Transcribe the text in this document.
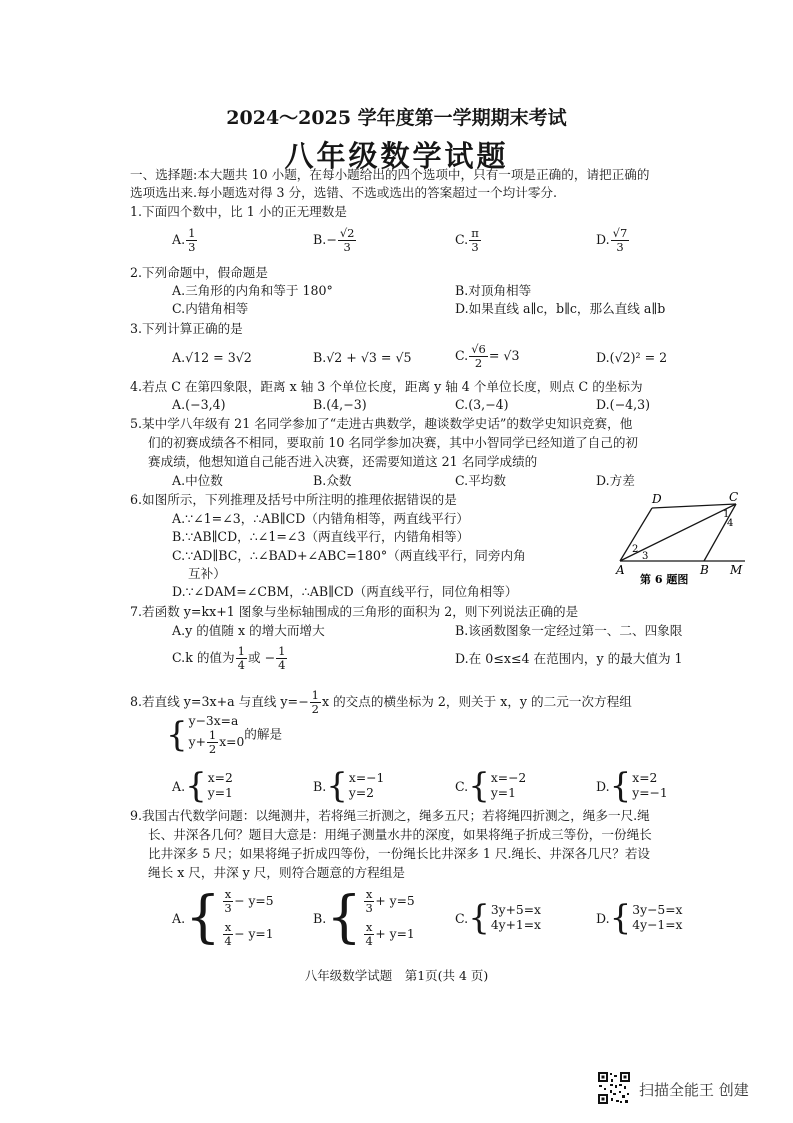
2024～2025 学年度第一学期期末考试
八年级数学试题
一、选择题:本大题共 10 小题，在每小题给出的四个选项中，只有一项是正确的，请把正确的
选项选出来.每小题选对得 3 分，选错、不选或选出的答案超过一个均计零分.
1.下面四个数中，比 1 小的正无理数是
A. $\frac{1}{3}$	$B.- \frac{√2}{3}$	C. $\frac{\pi}{3}$	D. $\frac{√7}{3}$
2.下列命题中，假命题是
A.三角形的内角和等于 180°	B.对顶角相等
C.内错角相等	D.如果直线 a∥c，b∥c，那么直线 a∥b
3.下列计算正确的是
A.√12 = 3√2	B.√2 + √3 = √5	C. $\frac{√6}{2} = √3$	D.(√2)² = 2
4.若点 C 在第四象限，距离 x 轴 3 个单位长度，距离 y 轴 4 个单位长度，则点 C 的坐标为
A.(−3,4)	B.(4,−3)	C.(3,−4)	D.(−4,3)
5.某中学八年级有 21 名同学参加了“走进古典数学，趣谈数学史话”的数学史知识竞赛，他
们的初赛成绩各不相同，要取前 10 名同学参加决赛，其中小智同学已经知道了自己的初
赛成绩，他想知道自己能否进入决赛，还需要知道这 21 名同学成绩的
A.中位数	B.众数	C.平均数	D.方差
6.如图所示，下列推理及括号中所注明的推理依据错误的是
A.∵∠1=∠3，∴AB∥CD（内错角相等，两直线平行）
B.∵AB∥CD，∴∠1=∠3（两直线平行，内错角相等）
C.∵AD∥BC，∴∠BAD+∠ABC=180°（两直线平行，同旁内角
互补）
D.∵∠DAM=∠CBM，∴AB∥CD（两直线平行，同位角相等）
D	C
A	B M
1
2
3
4
第 6 题图
7.若函数 y=kx+1 图象与坐标轴围成的三角形的面积为 2，则下列说法正确的是
A.y 的值随 x 的增大而增大	B.该函数图象一定经过第一、二、四象限
C.k 的值为 $\frac{1}{4}$ 或 − $\frac{1}{4}$	D.在 0≤x≤4 在范围内，y 的最大值为 1
8.若直线 y=3x+a 与直线 $y=- \frac{1}{2}$ x 的交点的横坐标为 2，则关于 x，y 的二元一次方程组
{ y−3x=a
$y+ \frac{1}{2} x=0$
的解是
A. { x=2
y=1	B. { x=−1
y=2	C. { x=−2
y=1	D. { x=2
y=−1
9.我国古代数学问题：以绳测井，若将绳三折测之，绳多五尺；若将绳四折测之，绳多一尺.绳
长、井深各几何？题目大意是：用绳子测量水井的深度，如果将绳子折成三等份，一份绳长
比井深多 5 尺；如果将绳子折成四等份，一份绳长比井深多 1 尺.绳长、井深各几尺？若设
绳长 x 尺，井深 y 尺，则符合题意的方程组是
A. { $\frac{x}{3} - y=5$
$\frac{x}{4} - y=1$
B. { $\frac{x}{3} + y=5$
$\frac{x}{4} + y=1$
C. { 3y+5=x
4y+1=x	D. { 3y−5=x
4y−1=x
八年级数学试题　第1页(共 4 页)
扫描全能王 创建
